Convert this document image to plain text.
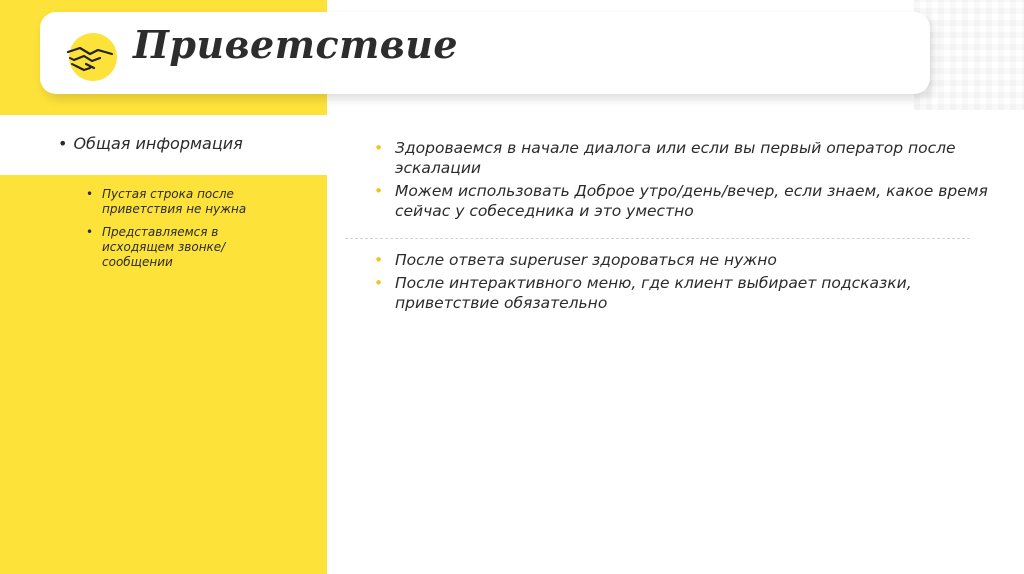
Приветствие
• Общая информация
• Пустая строка после приветствия не нужна
• Представляемся в исходящем звонке/сообщении
• Здороваемся в начале диалога или если вы первый оператор после эскалации
• Можем использовать Доброе утро/день/вечер, если знаем, какое время сейчас у собеседника и это уместно
• После ответа superuser здороваться не нужно
• После интерактивного меню, где клиент выбирает подсказки, приветствие обязательно
